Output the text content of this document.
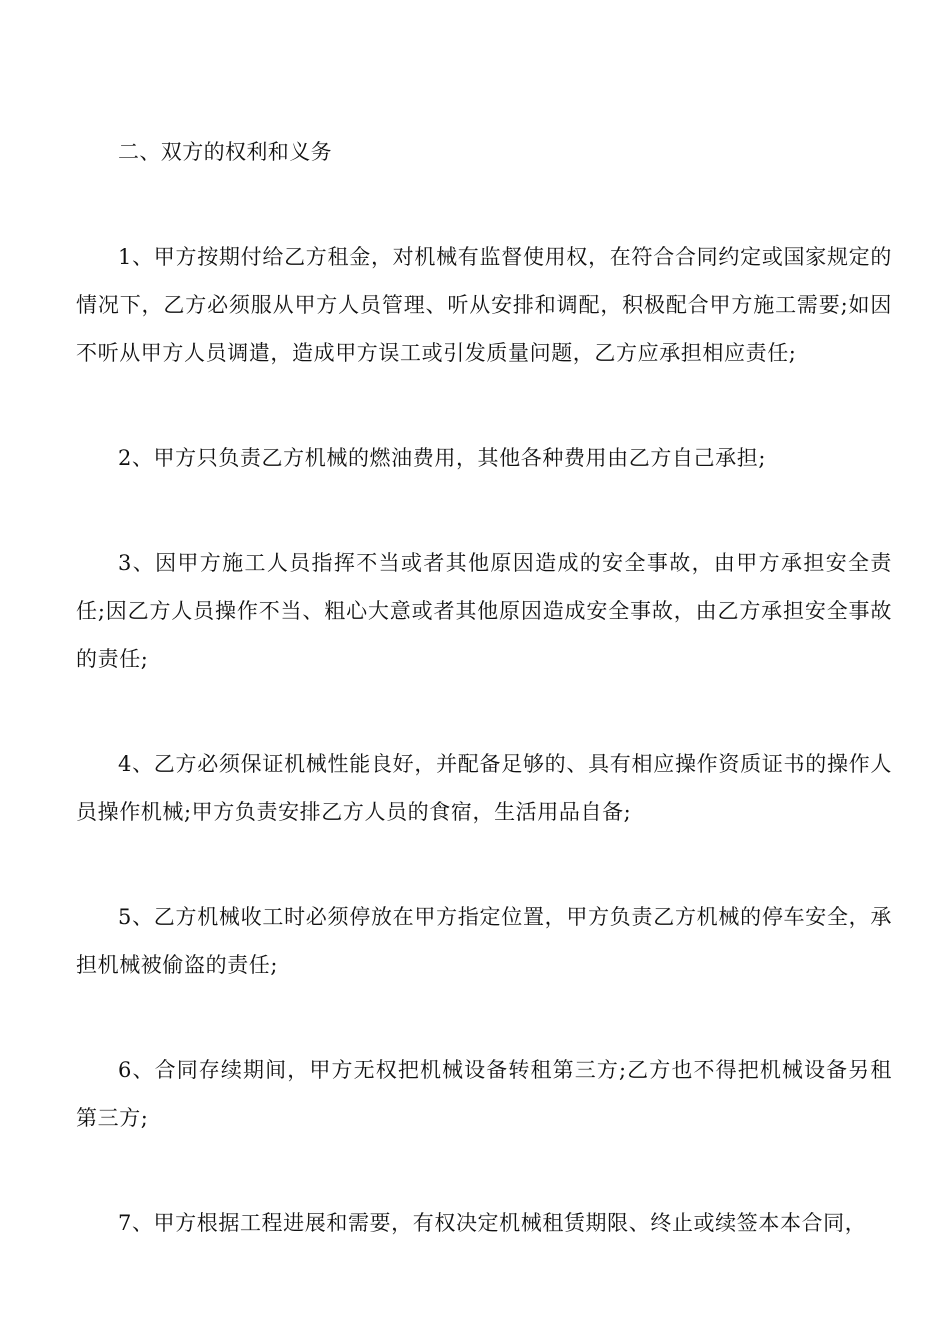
二、双方的权利和义务

1、甲方按期付给乙方租金，对机械有监督使用权，在符合合同约定或国家规定的情况下，乙方必须服从甲方人员管理、听从安排和调配，积极配合甲方施工需要;如因不听从甲方人员调遣，造成甲方误工或引发质量问题，乙方应承担相应责任;

2、甲方只负责乙方机械的燃油费用，其他各种费用由乙方自己承担;

3、因甲方施工人员指挥不当或者其他原因造成的安全事故，由甲方承担安全责任;因乙方人员操作不当、粗心大意或者其他原因造成安全事故，由乙方承担安全事故的责任;

4、乙方必须保证机械性能良好，并配备足够的、具有相应操作资质证书的操作人员操作机械;甲方负责安排乙方人员的食宿，生活用品自备;

5、乙方机械收工时必须停放在甲方指定位置，甲方负责乙方机械的停车安全，承担机械被偷盗的责任;

6、合同存续期间，甲方无权把机械设备转租第三方;乙方也不得把机械设备另租第三方;

7、甲方根据工程进展和需要，有权决定机械租赁期限、终止或续签本本合同，
